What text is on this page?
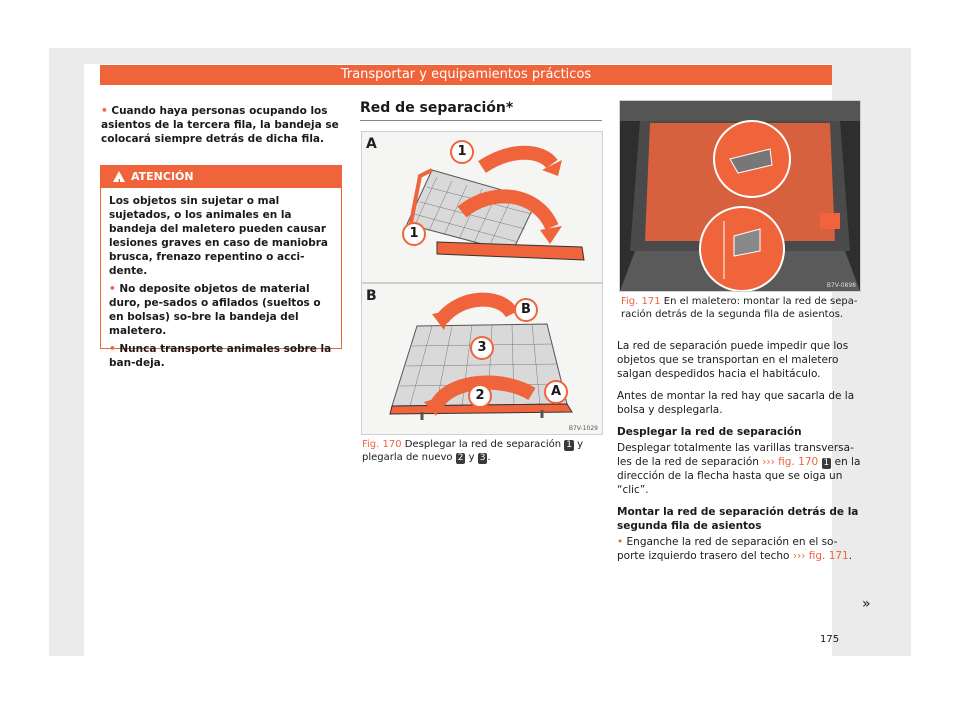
Transportar y equipamientos prácticos
• Cuando haya personas ocupando los asientos de la tercera fila, la bandeja se colocará siempre detrás de dicha fila.
!
ATENCIÓN

Los objetos sin sujetar o mal sujetados, o los animales en la bandeja del maletero pueden causar lesiones graves en caso de maniobra brusca, frenazo repentino o acci-dente.

• No deposite objetos de material duro, pe-sados o afilados (sueltos o en bolsas) so-bre la bandeja del maletero.

• Nunca transporte animales sobre la ban-deja.

Red de separación*
A	1
1
B
B
3
2	A
B7V-1029
Fig. 170 Desplegar la red de separación 1 y plegarla de nuevo 2 y 3 .
B7V-0898
Fig. 171 En el maletero: montar la red de sepa-ración detrás de la segunda fila de asientos.

La red de separación puede impedir que los objetos que se transportan en el maletero salgan despedidos hacia el habitáculo.

Antes de montar la red hay que sacarla de la bolsa y desplegarla.

Desplegar la red de separación

Desplegar totalmente las varillas transversa-les de la red de separación ››› fig. 170 1 en la dirección de la flecha hasta que se oiga un “clic”.

Montar la red de separación detrás de la segunda fila de asientos

• Enganche la red de separación en el so-porte izquierdo trasero del techo ››› fig. 171.

»
175
